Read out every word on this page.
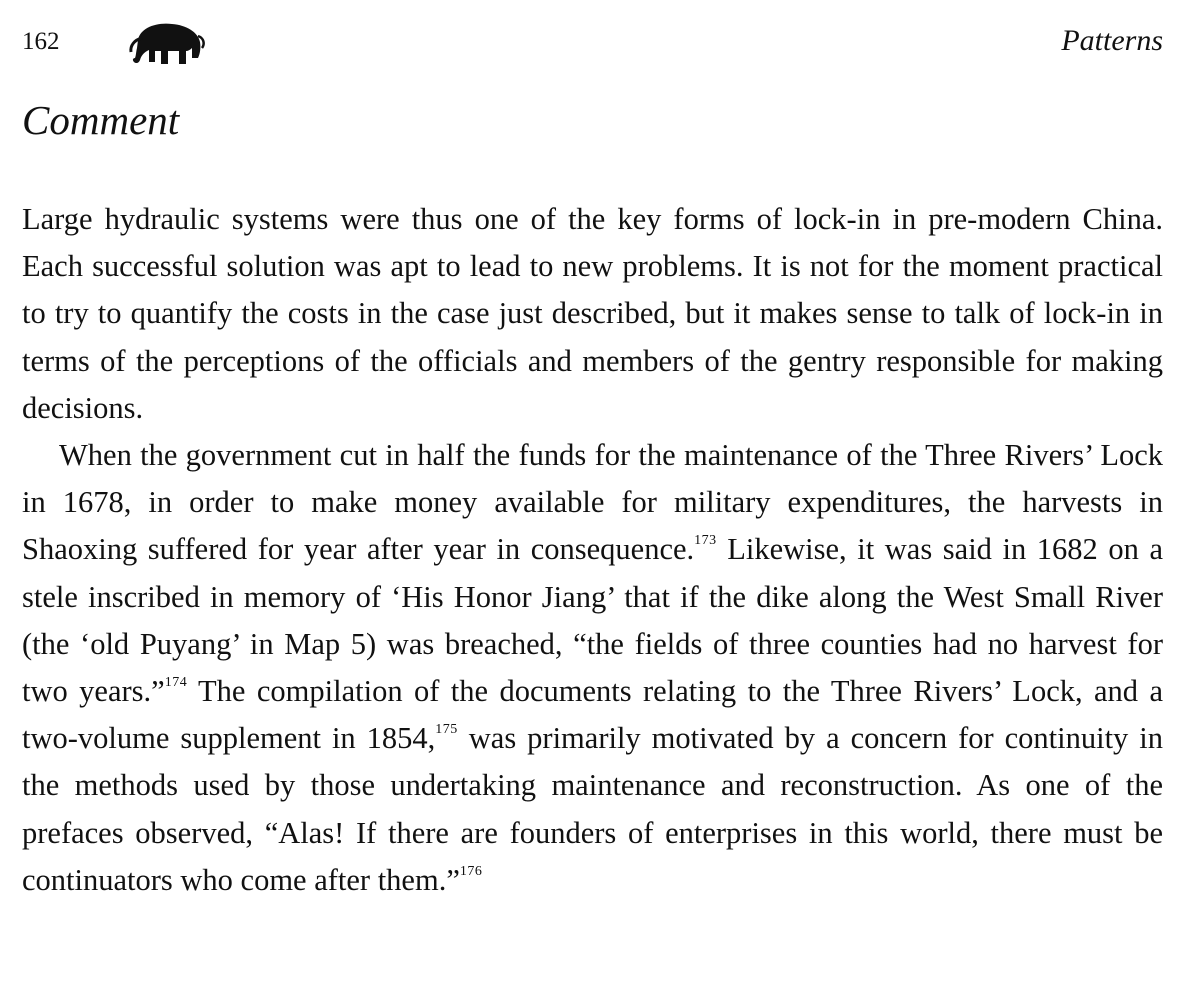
162	Patterns
Comment

Large hydraulic systems were thus one of the key forms of lock-in in pre-modern China. Each successful solution was apt to lead to new problems. It is not for the moment practical to try to quantify the costs in the case just described, but it makes sense to talk of lock-in in terms of the perceptions of the officials and members of the gentry responsible for making decisions.

When the government cut in half the funds for the maintenance of the Three Rivers’ Lock in 1678, in order to make money available for military expenditures, the harvests in Shaoxing suffered for year after year in consequence.$^{173}$ Likewise, it was said in 1682 on a stele inscribed in memory of ‘His Honor Jiang’ that if the dike along the West Small River (the ‘old Puyang’ in Map 5) was breached, “the fields of three counties had no harvest for two years.”$^{174}$ The compilation of the documents relating to the Three Rivers’ Lock, and a two-volume supplement in 1854,$^{175}$ was primarily motivated by a concern for continuity in the methods used by those undertaking maintenance and reconstruction. As one of the prefaces observed, “Alas! If there are founders of enterprises in this world, there must be continuators who come after them.”$^{176}$
